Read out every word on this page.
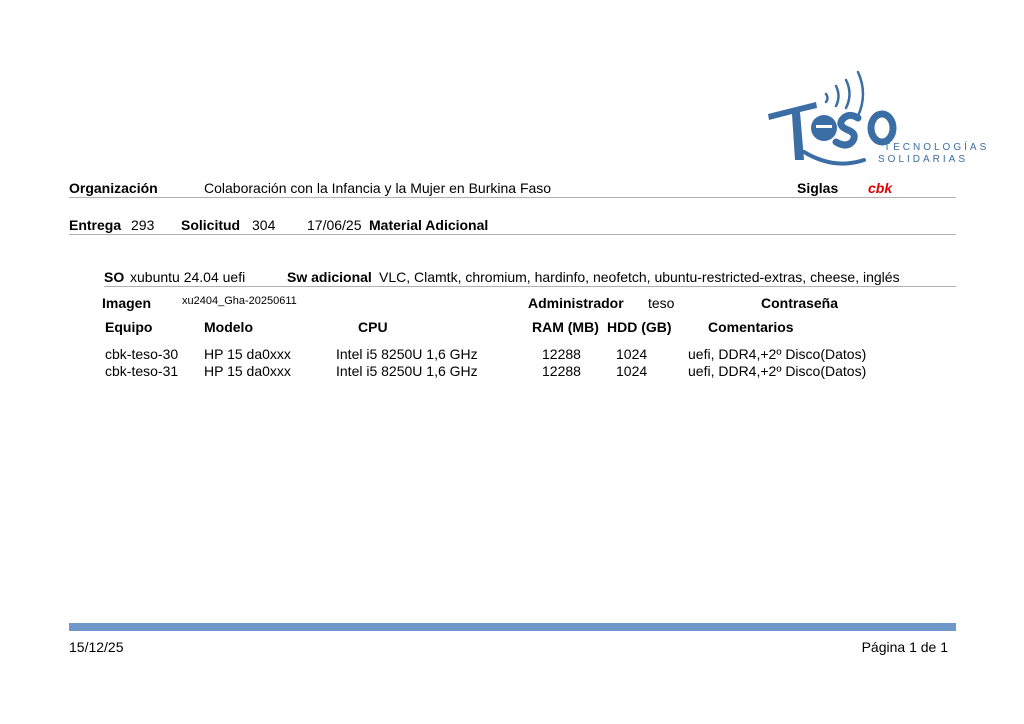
TECNOLOGÍAS
SOLIDARIAS
Organización	Colaboración con la Infancia y la Mujer en Burkina Faso	Siglas cbk
Entrega 293 Solicitud 304 17/06/25 Material Adicional
SO xubuntu 24.04 uefi	Sw adicional VLC, Clamtk, chromium, hardinfo, neofetch, ubuntu-restricted-extras, cheese, inglés
Imagen	xu2404_Gha-20250611	Administrador teso	Contraseña
Equipo	Modelo	CPU	RAM (MB) HDD (GB)	Comentarios
cbk-teso-30 HP 15 da0xxx	Intel i5 8250U 1,6 GHz	12288	1024	uefi, DDR4,+2º Disco(Datos)
cbk-teso-31 HP 15 da0xxx	Intel i5 8250U 1,6 GHz	12288	1024	uefi, DDR4,+2º Disco(Datos)
15/12/25	Página 1 de 1
